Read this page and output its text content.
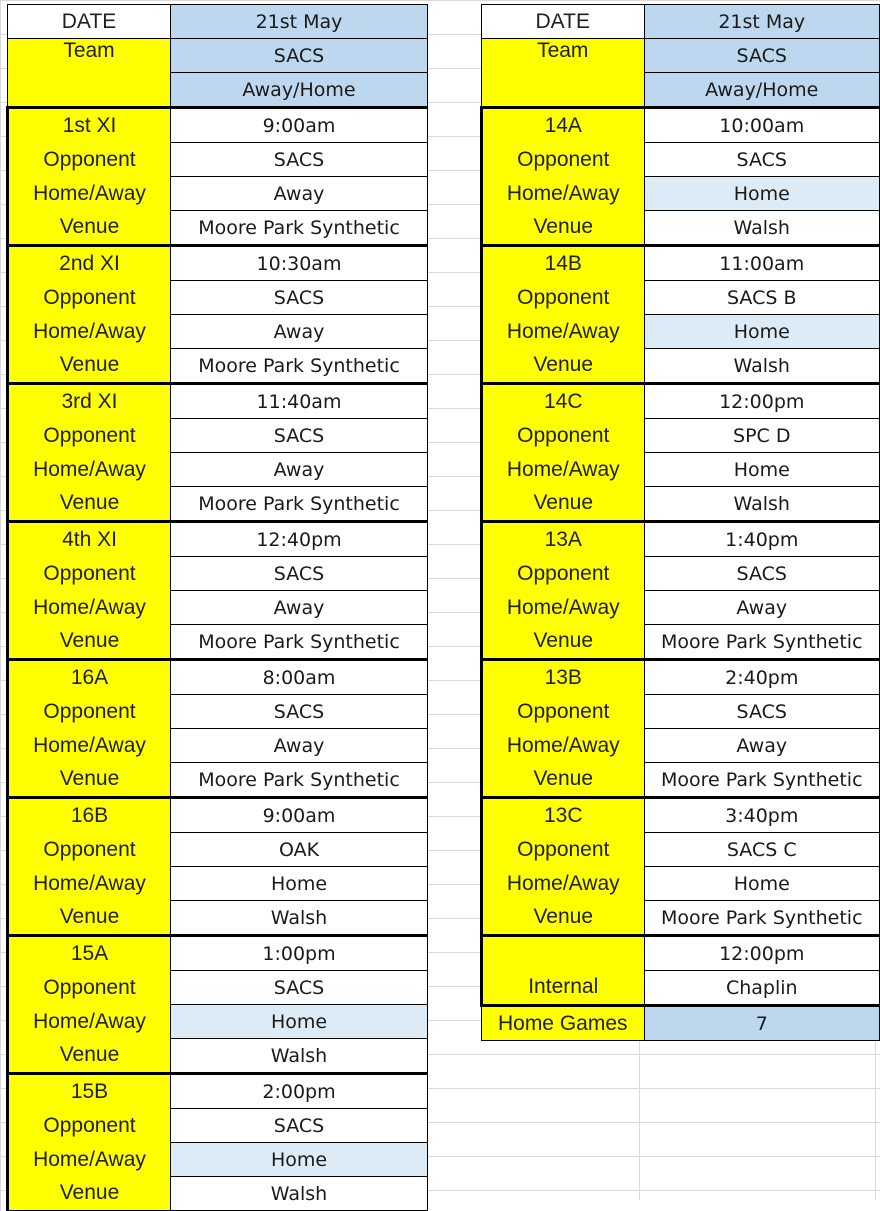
DATE	21st May
Team	SACS
	Away/Home
1st XI	9:00am
Opponent	SACS
Home/Away	Away
Venue	Moore Park Synthetic
2nd XI	10:30am
Opponent	SACS
Home/Away	Away
Venue	Moore Park Synthetic
3rd XI	11:40am
Opponent	SACS
Home/Away	Away
Venue	Moore Park Synthetic
4th XI	12:40pm
Opponent	SACS
Home/Away	Away
Venue	Moore Park Synthetic
16A	8:00am
Opponent	SACS
Home/Away	Away
Venue	Moore Park Synthetic
16B	9:00am
Opponent	OAK
Home/Away	Home
Venue	Walsh
15A	1:00pm
Opponent	SACS
Home/Away	Home
Venue	Walsh
15B	2:00pm
Opponent	SACS
Home/Away	Home
Venue	Walsh
DATE	21st May
Team	SACS
	Away/Home
14A	10:00am
Opponent	SACS
Home/Away	Home
Venue	Walsh
14B	11:00am
Opponent	SACS B
Home/Away	Home
Venue	Walsh
14C	12:00pm
Opponent	SPC D
Home/Away	Home
Venue	Walsh
13A	1:40pm
Opponent	SACS
Home/Away	Away
Venue	Moore Park Synthetic
13B	2:40pm
Opponent	SACS
Home/Away	Away
Venue	Moore Park Synthetic
13C	3:40pm
Opponent	SACS C
Home/Away	Home
Venue	Moore Park Synthetic
	12:00pm
Internal	Chaplin
Home Games	7
